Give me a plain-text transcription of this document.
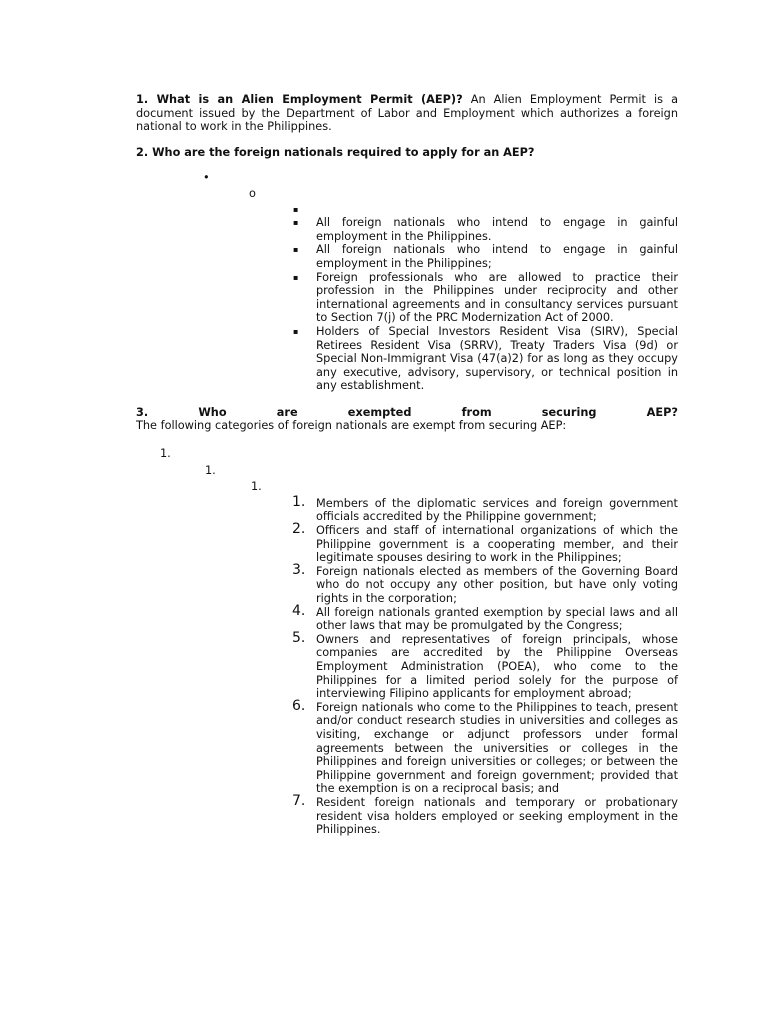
1. What is an Alien Employment Permit (AEP)? An Alien Employment Permit is a document issued by the Department of Labor and Employment which authorizes a foreign national to work in the Philippines.

2. Who are the foreign nationals required to apply for an AEP?

•
o
▪

▪ All foreign nationals who intend to engage in gainful employment in the Philippines.
▪ All foreign nationals who intend to engage in gainful employment in the Philippines;
▪ Foreign professionals who are allowed to practice their profession in the Philippines under reciprocity and other international agreements and in consultancy services pursuant to Section 7(j) of the PRC Modernization Act of 2000.
▪ Holders of Special Investors Resident Visa (SIRV), Special Retirees Resident Visa (SRRV), Treaty Traders Visa (9d) or Special Non-Immigrant Visa (47(a)2) for as long as they occupy any executive, advisory, supervisory, or technical position in any establishment.
3.	Who	are	exempted	from	securing	AEP?
The following categories of foreign nationals are exempt from securing AEP:
1.
1.
1.
1. Members of the diplomatic services and foreign government officials accredited by the Philippine government;
2. Officers and staff of international organizations of which the Philippine government is a cooperating member, and their legitimate spouses desiring to work in the Philippines;
3. Foreign nationals elected as members of the Governing Board who do not occupy any other position, but have only voting rights in the corporation;
4. All foreign nationals granted exemption by special laws and all other laws that may be promulgated by the Congress;
5. Owners and representatives of foreign principals, whose companies are accredited by the Philippine Overseas Employment Administration (POEA), who come to the Philippines for a limited period solely for the purpose of interviewing Filipino applicants for employment abroad;
6. Foreign nationals who come to the Philippines to teach, present and/or conduct research studies in universities and colleges as visiting, exchange or adjunct professors under formal agreements between the universities or colleges in the Philippines and foreign universities or colleges; or between the Philippine government and foreign government; provided that the exemption is on a reciprocal basis; and
7. Resident foreign nationals and temporary or probationary resident visa holders employed or seeking employment in the Philippines.
